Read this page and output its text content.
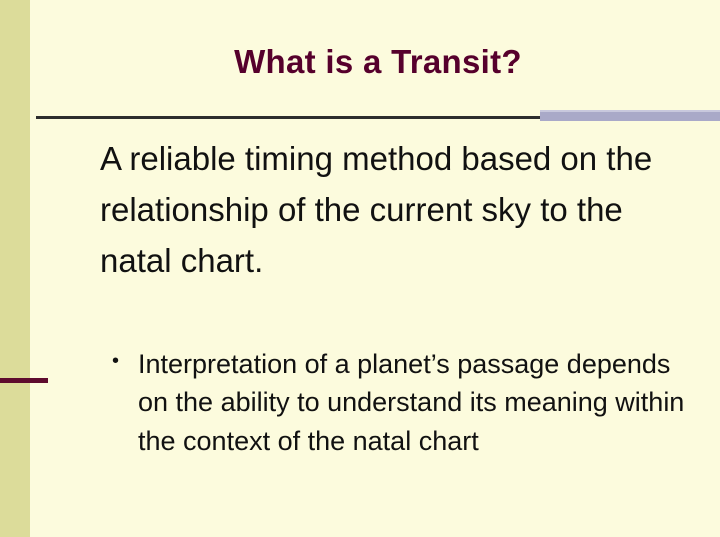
What is a Transit?
A reliable timing method based on the relationship of the current sky to the natal chart.
• Interpretation of a planet’s passage depends on the ability to understand its meaning within the context of the natal chart
